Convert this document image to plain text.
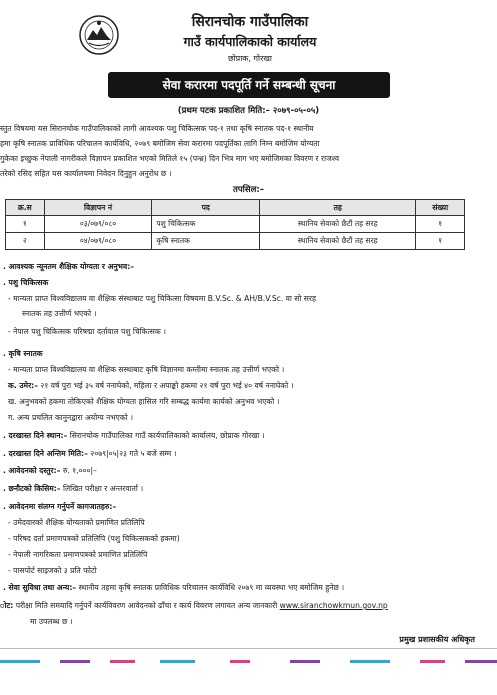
सिरानचोक गाउँपालिका
गाउँ कार्यपालिकाको कार्यालय
छोप्राक, गोरखा
सेवा करारमा पदपूर्ति गर्ने सम्बन्धी सूचना
(प्रथम पटक प्रकाशित मिति:– २०७९-०५-०५)
स्तुत विषयमा यस सिरानचोक गाउँपालिकाको लागी आवश्यक पशु चिकित्सक पद-१ तथा कृषि स्नातक पद-१ स्थानीय
हमा कृषि स्नातक प्राविधिक परिचालन कार्यविधि, २०७९ बमोजिम सेवा करारमा पदपूर्तिका लागि निम्न बमोजिम योग्यता
गुकेका इच्छुक नेपाली नागरीकले विज्ञापन प्रकाशित भएको मितिले १५ (पन्ध्र) दिन भित्र माग भए बमोजिमका विवरण र राजश्व
तरेको रसिद सहित यस कार्यालयमा निवेदन दिनुहुन अनुरोध छ ।
तपसिल:–
क्र.स	विज्ञापन नं	पद	तह	संख्या
१	०३/०७९/०८०	पशु चिकित्सक	स्थानिय सेवाको छैटौं तह सरह	१
२	०४/०७९/०८०	कृषि स्नातक	स्थानिय सेवाको छैटौं तह सरह	१
. आवश्यक न्यूनतम शैक्षिक योग्यता र अनुभव:–
. पशु चिकित्सक
- मान्यता प्राप्त विश्वविद्यालय वा शैक्षिक संस्थाबाट पशु चिकित्सा विषयमा B.V.Sc. & AH/B.V.Sc. वा सो सरह
स्नातक तह उत्तीर्ण भएको ।
- नेपाल पशु चिकित्सक परिषद्मा दर्तावाल पशु चिकित्सक ।
. कृषि स्नातक
- मान्यता प्राप्त विश्वविद्यालय वा शैक्षिक सस्थाबाट कृषि विज्ञानमा कम्तीमा स्नातक तह उत्तीर्ण भएको ।
क. उमेर:– २१ वर्ष पुरा भई ३५ वर्ष ननाघेको, महिला र अपाङ्को हकमा २१ वर्ष पुरा भई ४० वर्ष ननाघेको ।
ख. अनुभवको हकमा तोकिएको शैक्षिक योग्यता हासिल गरि सम्बद्ध कार्यमा कार्यको अनुभव भएको ।
ग. अन्य प्रचलित कानुनद्वारा अयोग्य नभएको ।
. दरखास्त दिने स्थान:– सिरानचोक गाउँपालिका गाउँ कार्यपालिकाको कार्यालय, छोप्राक गोरखा ।
. दरखास्त दिने अन्तिम मिति:– २०७९|०५|२३ गते ५ बजे सम्म ।
. आवेदनको दस्तुर:– रु. १,०००|–
. छनौटको किसिम:– लिखित परीक्षा र अन्तरवार्ता ।
. आवेदनमा संलग्न गर्नुपर्ने कागजातहरु:–
- उमेदवारको शैक्षिक योग्यताको प्रमाणित प्रतिलिपि
- परिषद दर्ता प्रमाणपत्रको प्रतिलिपि (पशु चिकित्सकको हकमा)
- नेपाली नागरिकता प्रमाणपत्रको प्रमाणित प्रतिलिपि
- पासपोर्ट साइजको ३ प्रति फोटो
. सेवा सुविधा तथा अन्य:– स्थानीय तहमा कृषि स्नातक प्राविधिक परिचालन कार्यविधि २०७९ मा व्यवस्था भए बमोजिम हुनेछ ।
ोट: परीक्षा मिति समयादि गर्नुपर्ने कार्यविवरण आवेदनको ढाँचा र कार्य विवरण लगायत अन्य जानकारी www.siranchowkmun.gov.np
मा उपलब्ध छ ।
प्रमुख प्रशासकीय अधिकृत
